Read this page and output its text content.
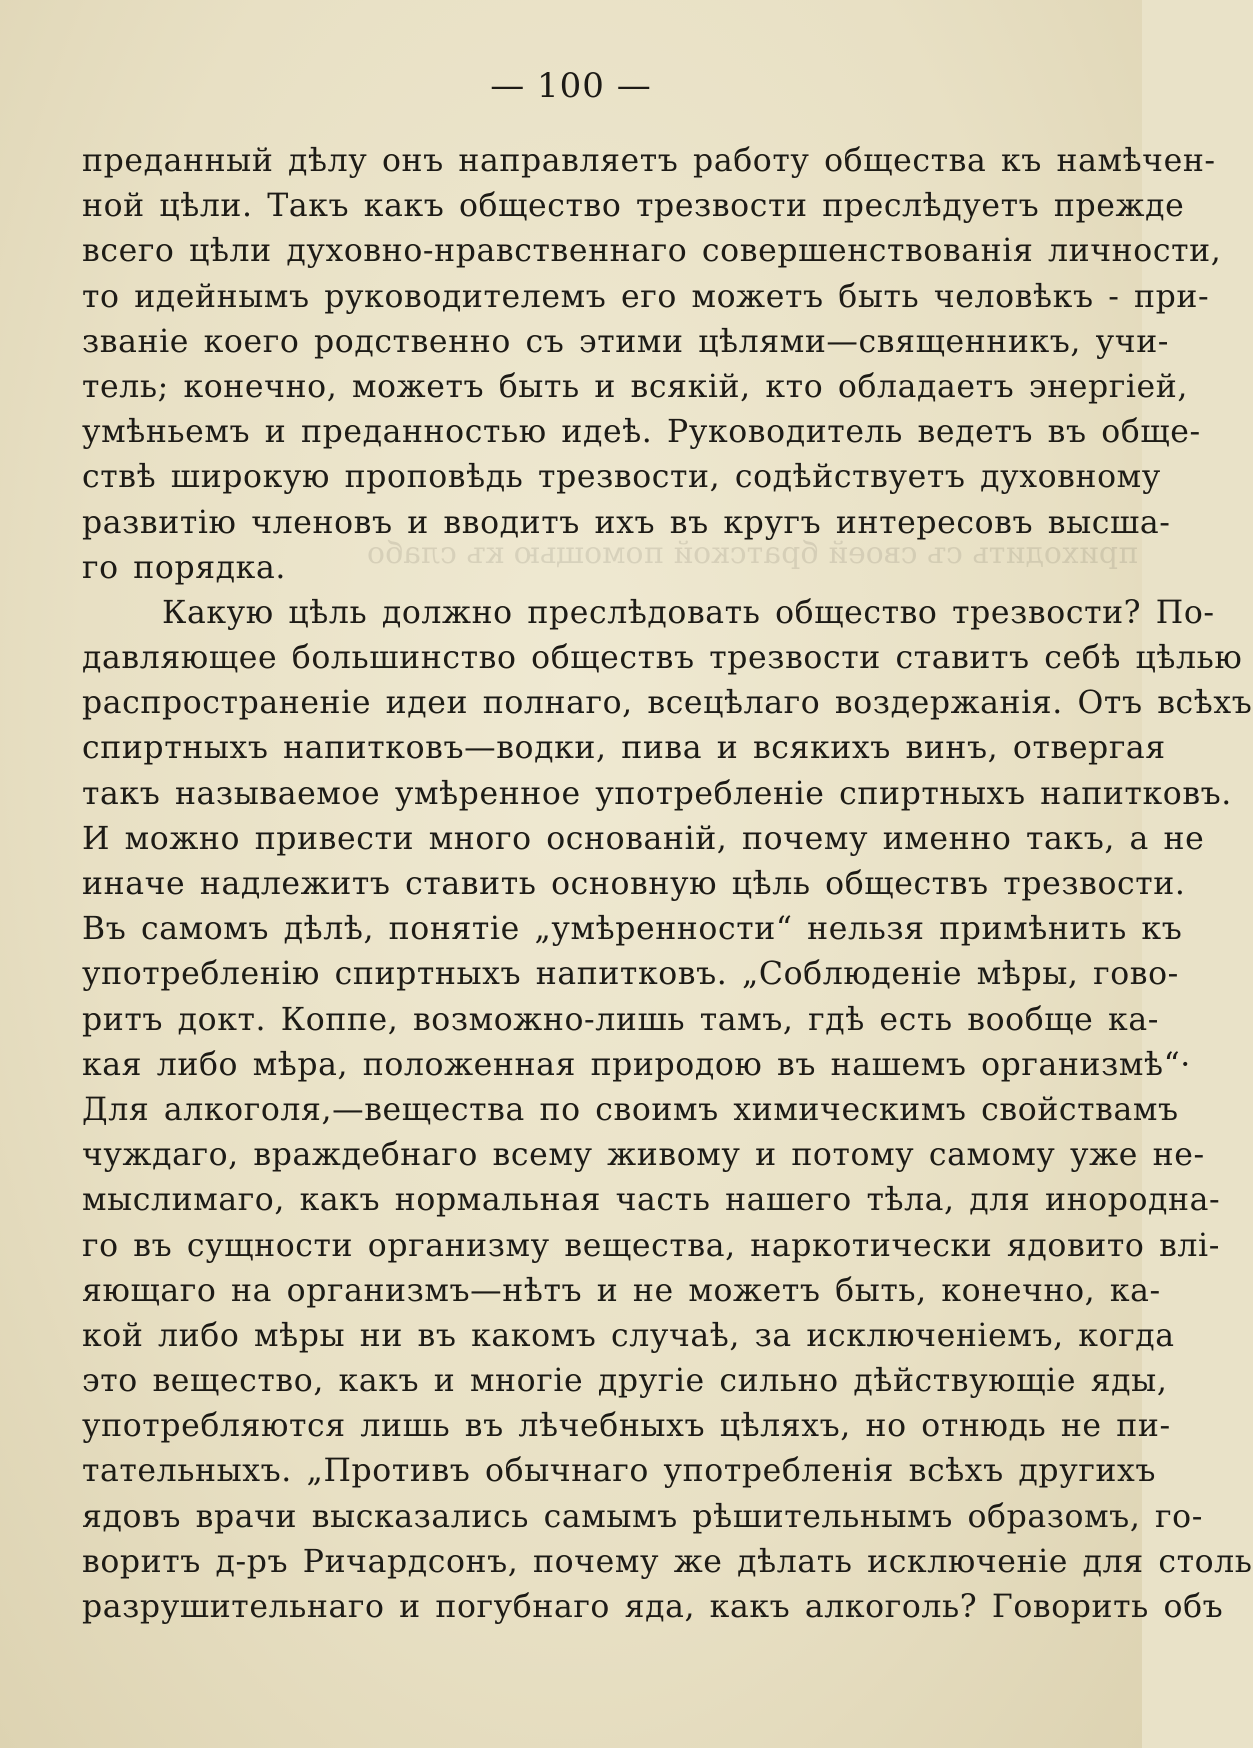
— 100 —
приходить съ своей братской помощью къ слабо
преданный дѣлу онъ направляетъ работу общества къ намѣчен-
ной цѣли. Такъ какъ общество трезвости преслѣдуетъ прежде
всего цѣли духовно-нравственнаго совершенствованія личности,
то идейнымъ руководителемъ его можетъ быть человѣкъ - при-
званіе коего родственно съ этими цѣлями—священникъ, учи-
тель; конечно, можетъ быть и всякій, кто обладаетъ энергіей,
умѣньемъ и преданностью идеѣ. Руководитель ведетъ въ обще-
ствѣ широкую проповѣдь трезвости, содѣйствуетъ духовному
развитію членовъ и вводитъ ихъ въ кругъ интересовъ высша-
го порядка.
Какую цѣль должно преслѣдовать общество трезвости? По-
давляющее большинство обществъ трезвости ставитъ себѣ цѣлью
распространеніе идеи полнаго, всецѣлаго воздержанія. Отъ всѣхъ
спиртныхъ напитковъ—водки, пива и всякихъ винъ, отвергая
такъ называемое умѣренное употребленіе спиртныхъ напитковъ.
И можно привести много основаній, почему именно такъ, а не
иначе надлежитъ ставить основную цѣль обществъ трезвости.
Въ самомъ дѣлѣ, понятіе „умѣренности“ нельзя примѣнить къ
употребленію спиртныхъ напитковъ. „Соблюденіе мѣры, гово-
ритъ докт. Коппе, возможно-лишь тамъ, гдѣ есть вообще ка-
кая либо мѣра, положенная природою въ нашемъ организмѣ“·
Для алкоголя,—вещества по своимъ химическимъ свойствамъ
чуждаго, враждебнаго всему живому и потому самому уже не-
мыслимаго, какъ нормальная часть нашего тѣла, для инородна-
го въ сущности организму вещества, наркотически ядовито влі-
яющаго на организмъ—нѣтъ и не можетъ быть, конечно, ка-
кой либо мѣры ни въ какомъ случаѣ, за исключеніемъ, когда
это вещество, какъ и многіе другіе сильно дѣйствующіе яды,
употребляются лишь въ лѣчебныхъ цѣляхъ, но отнюдь не пи-
тательныхъ. „Противъ обычнаго употребленія всѣхъ другихъ
ядовъ врачи высказались самымъ рѣшительнымъ образомъ, го-
воритъ д-ръ Ричардсонъ, почему же дѣлать исключеніе для столь
разрушительнаго и погубнаго яда, какъ алкоголь? Говорить объ
